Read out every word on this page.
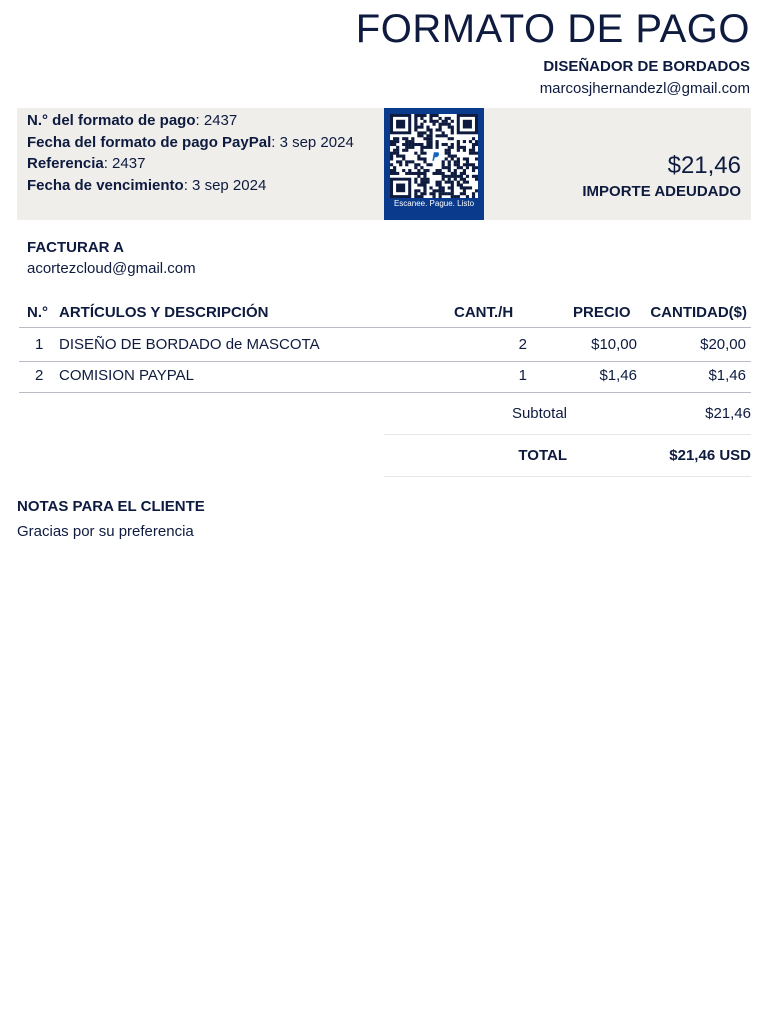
FORMATO DE PAGO
DISEÑADOR DE BORDADOS
marcosjhernandezl@gmail.com
N.° del formato de pago: 2437
Fecha del formato de pago PayPal: 3 sep 2024
Referencia: 2437
Fecha de vencimiento: 3 sep 2024
Escanee. Pague. Listo
$21,46
IMPORTE ADEUDADO
FACTURAR A
acortezcloud@gmail.com
N.° ARTÍCULOS Y DESCRIPCIÓN	CANT./H	PRECIO CANTIDAD($)
1 DISEÑO DE BORDADO de MASCOTA	2	$10,00	$20,00
2 COMISION PAYPAL	1	$1,46	$1,46
Subtotal	$21,46
TOTAL	$21,46 USD
NOTAS PARA EL CLIENTE
Gracias por su preferencia
